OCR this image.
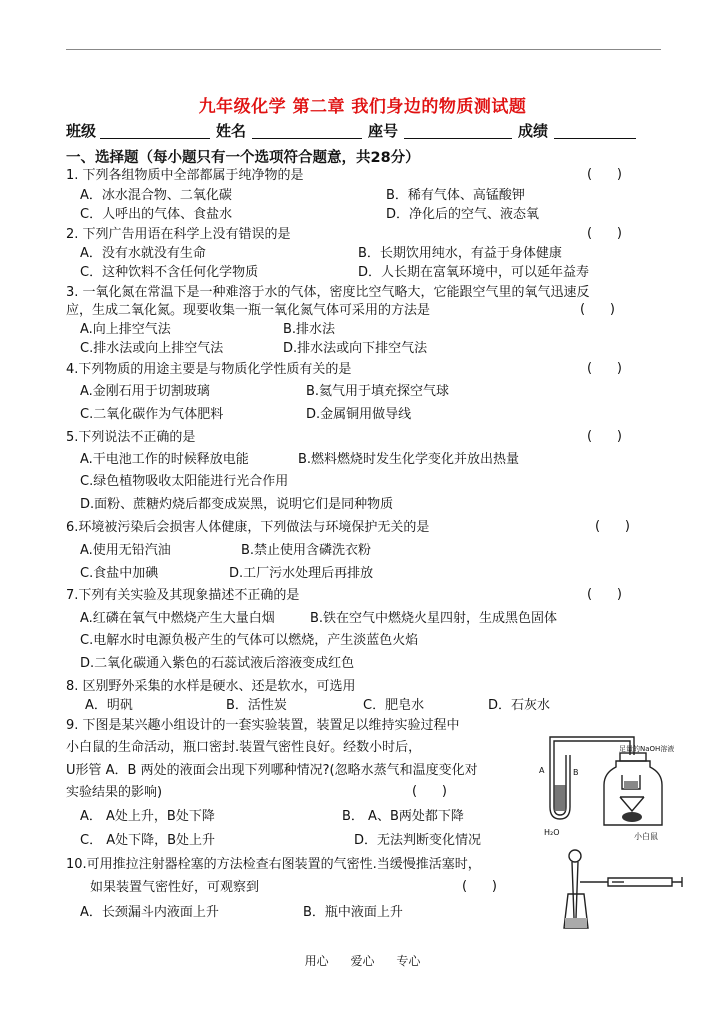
九年级化学 第二章 我们身边的物质测试题
班级	姓名	座号	成绩
一、选择题（每小题只有一个选项符合题意，共28分）
1. 下列各组物质中全部都属于纯净物的是	(      )
A．冰水混合物、二氧化碳	B．稀有气体、高锰酸钾
C．人呼出的气体、食盐水	D．净化后的空气、液态氧
2. 下列广告用语在科学上没有错误的是	(      )
A．没有水就没有生命	B．长期饮用纯水，有益于身体健康
C．这种饮料不含任何化学物质	D．人长期在富氧环境中，可以延年益寿
3. 一氧化氮在常温下是一种难溶于水的气体，密度比空气略大，它能跟空气里的氧气迅速反
应，生成二氧化氮。现要收集一瓶一氧化氮气体可采用的方法是	(      )
A.向上排空气法	B.排水法
C.排水法或向上排空气法	D.排水法或向下排空气法
4.下列物质的用途主要是与物质化学性质有关的是	(      )
A.金刚石用于切割玻璃	B.氦气用于填充探空气球
C.二氧化碳作为气体肥料	D.金属铜用做导线
5.下列说法不正确的是	(      )
A.干电池工作的时候释放电能	B.燃料燃烧时发生化学变化并放出热量
C.绿色植物吸收太阳能进行光合作用
D.面粉、蔗糖灼烧后都变成炭黑，说明它们是同种物质
6.环境被污染后会损害人体健康，下列做法与环境保护无关的是	(      )
A.使用无铅汽油	B.禁止使用含磷洗衣粉
C.食盐中加碘	D.工厂污水处理后再排放
7.下列有关实验及其现象描述不正确的是	(      )
A.红磷在氧气中燃烧产生大量白烟	B.铁在空气中燃烧火星四射，生成黑色固体
C.电解水时电源负极产生的气体可以燃烧，产生淡蓝色火焰
D.二氧化碳通入紫色的石蕊试液后溶液变成红色
8. 区别野外采集的水样是硬水、还是软水，可选用
A．明矾	B．活性炭	C．肥皂水	D．石灰水
9. 下图是某兴趣小组设计的一套实验装置，装置足以维持实验过程中
小白鼠的生命活动，瓶口密封.装置气密性良好。经数小时后，
U形管 A．B 两处的液面会出现下列哪种情况?(忽略水蒸气和温度变化对
实验结果的影响)	(      )
A． A处上升，B处下降	B． A、B两处都下降
C． A处下降，B处上升	D．无法判断变化情况
足量的NaOH溶液
A	B
H₂O	小白鼠
10.可用推拉注射器栓塞的方法检查右图装置的气密性.当缓慢推活塞时，
如果装置气密性好，可观察到	(      )
A．长颈漏斗内液面上升	B．瓶中液面上升
用心 爱心 专心
